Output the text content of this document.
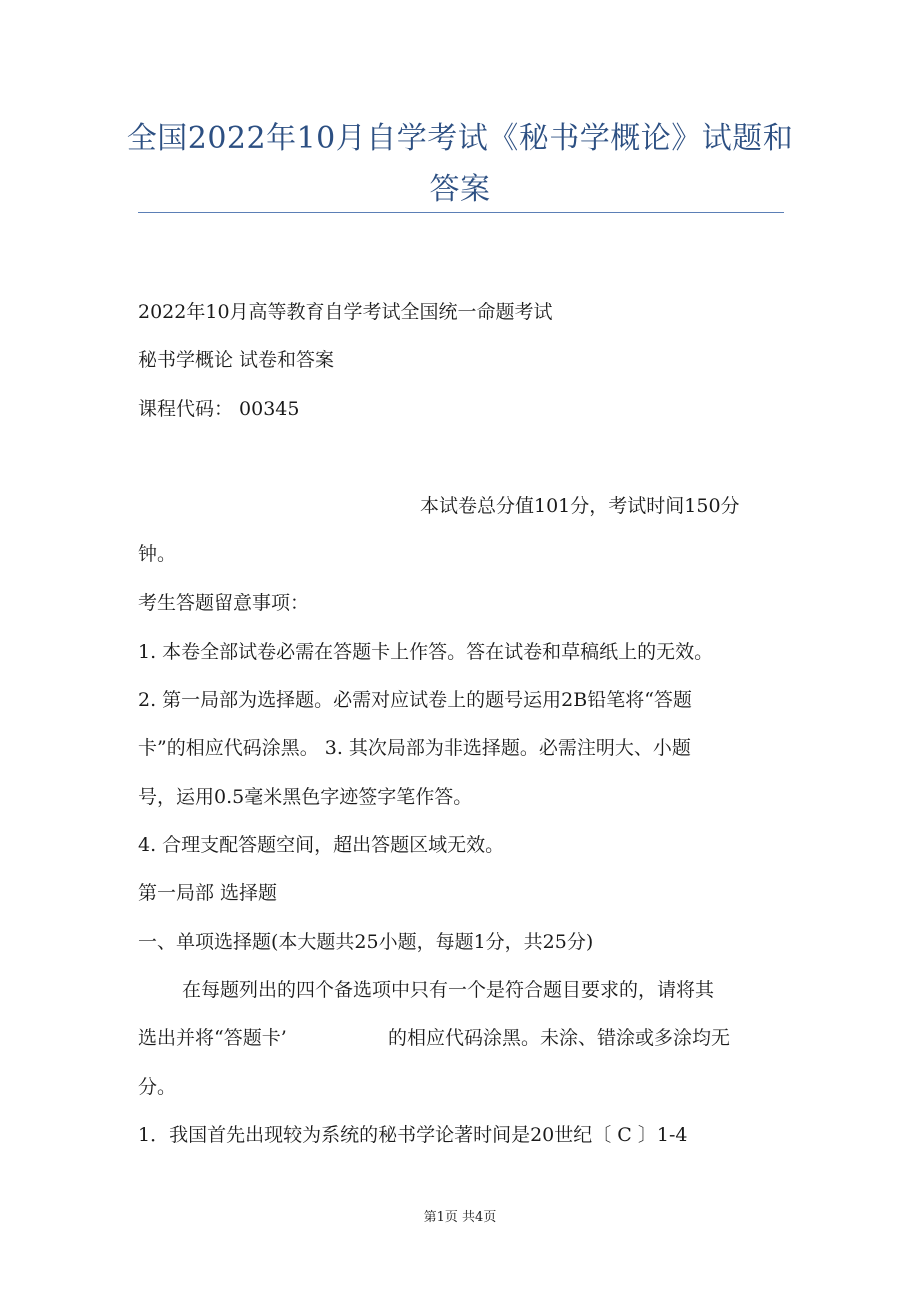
全国2022年10月自学考试《秘书学概论》试题和
答案
2022年10月高等教育自学考试全国统一命题考试
秘书学概论 试卷和答案
课程代码： 00345
本试卷总分值101分，考试时间150分
钟。
考生答题留意事项：
1. 本卷全部试卷必需在答题卡上作答。答在试卷和草稿纸上的无效。
2. 第一局部为选择题。必需对应试卷上的题号运用2B铅笔将“答题
卡”的相应代码涂黑。 3. 其次局部为非选择题。必需注明大、小题
号，运用0.5毫米黑色字迹签字笔作答。
4. 合理支配答题空间，超出答题区域无效。
第一局部 选择题
一、单项选择题(本大题共25小题，每题1分，共25分)
在每题列出的四个备选项中只有一个是符合题目要求的，请将其
选出并将“答题卡’	的相应代码涂黑。未涂、错涂或多涂均无
分。
1．我国首先出现较为系统的秘书学论著时间是20世纪〔 C 〕1-4
第1页 共4页
